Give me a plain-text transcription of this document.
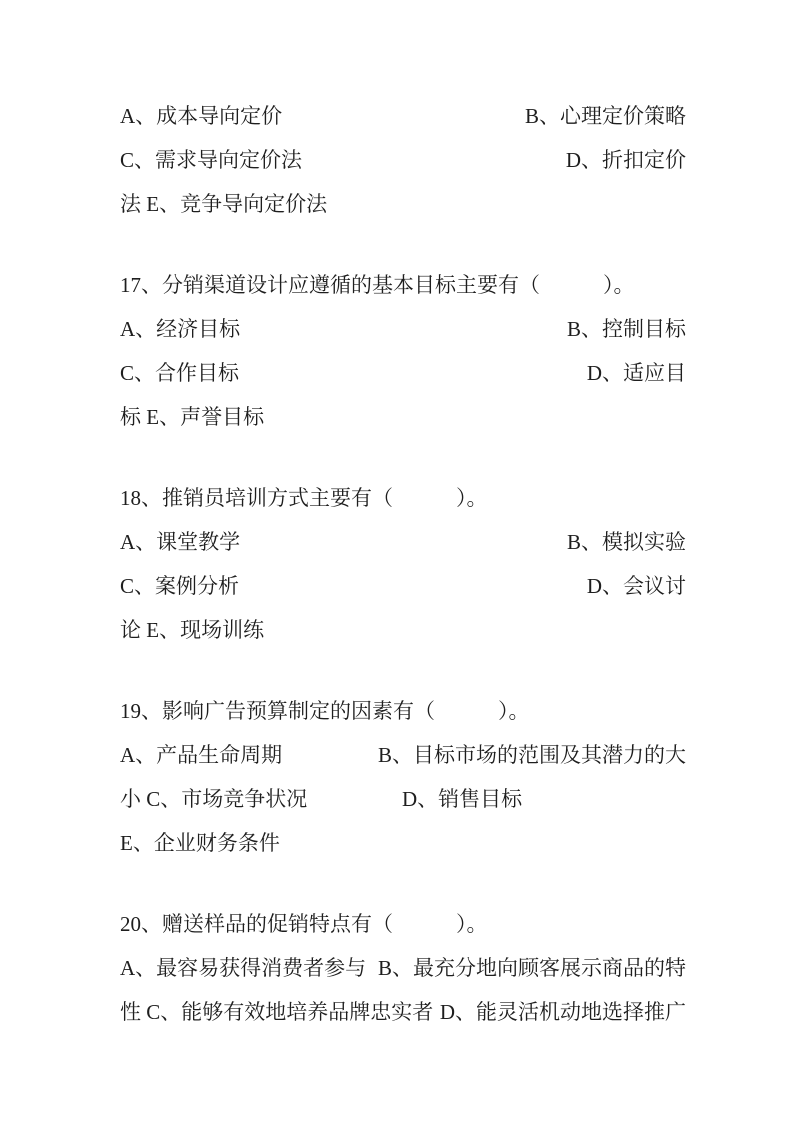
A、成本导向定价	B、心理定价策略
C、需求导向定价法	D、折扣定价
法 E、竞争导向定价法
17、分销渠道设计应遵循的基本目标主要有（　　　）。
A、经济目标	B、控制目标
C、合作目标	D、适应目
标 E、声誉目标
18、推销员培训方式主要有（　　　）。
A、课堂教学	B、模拟实验
C、案例分析	D、会议讨
论 E、现场训练
19、影响广告预算制定的因素有（　　　）。
A、产品生命周期	B、目标市场的范围及其潜力的大
小 C、市场竞争状况	D、销售目标
E、企业财务条件
20、赠送样品的促销特点有（　　　）。
A、最容易获得消费者参与 B、最充分地向顾客展示商品的特
性 C、能够有效地培养品牌忠实者 D、能灵活机动地选择推广
